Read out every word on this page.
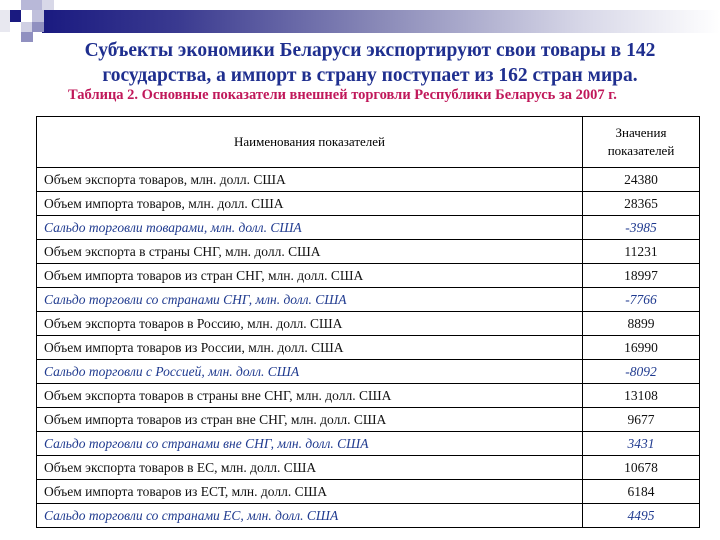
Субъекты экономики Беларуси экспортируют свои товары в 142
государства, а импорт в страну поступает из 162 стран мира.
Таблица 2. Основные показатели внешней торговли Республики Беларусь за 2007 г.
Наименования показателей	Значения
показателей

Объем экспорта товаров, млн. долл. США	24380
Объем импорта товаров, млн. долл. США	28365
Сальдо торговли товарами, млн. долл. США	-3985
Объем экспорта в страны СНГ, млн. долл. США	11231
Объем импорта товаров из стран СНГ, млн. долл. США	18997
Сальдо торговли со странами СНГ, млн. долл. США	-7766
Объем экспорта товаров в Россию, млн. долл. США	8899
Объем импорта товаров из России, млн. долл. США	16990
Сальдо торговли с Россией, млн. долл. США	-8092
Объем экспорта товаров в страны вне СНГ, млн. долл. США	13108
Объем импорта товаров из стран вне СНГ, млн. долл. США	9677
Сальдо торговли со странами вне СНГ, млн. долл. США	3431
Объем экспорта товаров в ЕС, млн. долл. США	10678
Объем импорта товаров из ЕСТ, млн. долл. США	6184
Сальдо торговли со странами ЕС, млн. долл. США	4495
